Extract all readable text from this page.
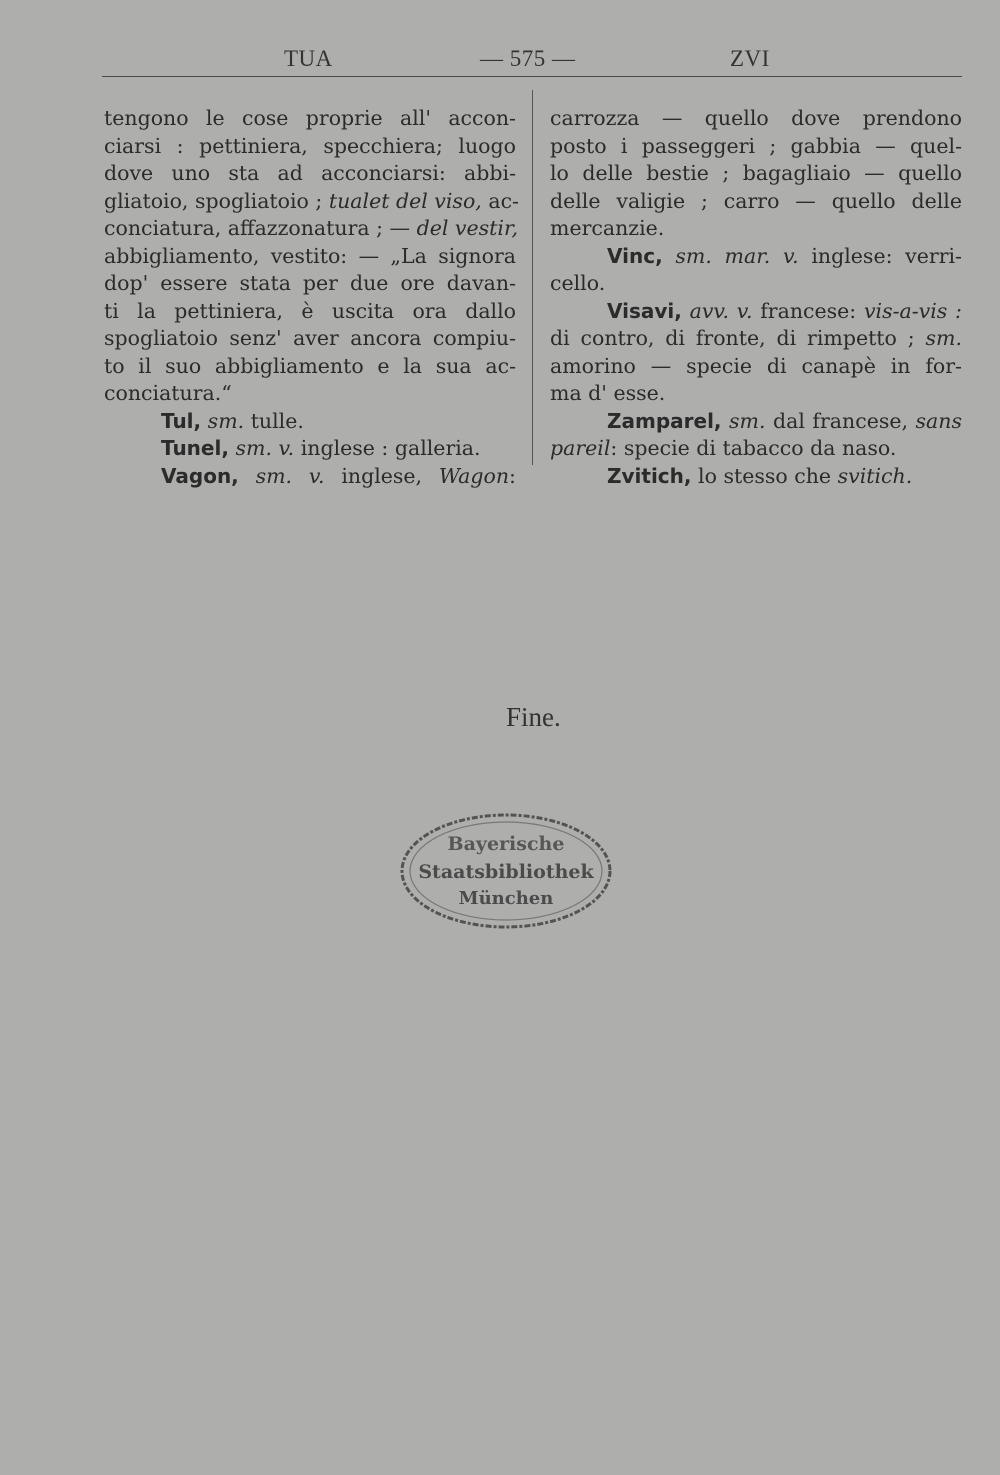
TUA	— 575 —	ZVI
tengono le cose proprie all' accon-
ciarsi : pettiniera, specchiera; luogo
dove uno sta ad acconciarsi: abbi-
gliatoio, spogliatoio ; tualet del viso, ac-
conciatura, affazzonatura ; — del vestir,
abbigliamento, vestito: — „La signora
dop' essere stata per due ore davan-
ti la pettiniera, è uscita ora dallo
spogliatoio senz' aver ancora compiu-
to il suo abbigliamento e la sua ac-
conciatura.“
Tul, sm. tulle.
Tunel, sm. v. inglese : galleria.
Vagon, sm. v. inglese, Wagon:
carrozza — quello dove prendono
posto i passeggeri ; gabbia — quel-
lo delle bestie ; bagagliaio — quello
delle valigie ; carro — quello delle
mercanzie.
Vinc, sm. mar. v. inglese: verri-
cello.
Visavi, avv. v. francese: vis-a-vis :
di contro, di fronte, di rimpetto ; sm.
amorino — specie di canapè in for-
ma d' esse.
Zamparel, sm. dal francese, sans
pareil: specie di tabacco da naso.
Zvitich, lo stesso che svitich.
Fine.
Bayerische
Staatsbibliothek
München
